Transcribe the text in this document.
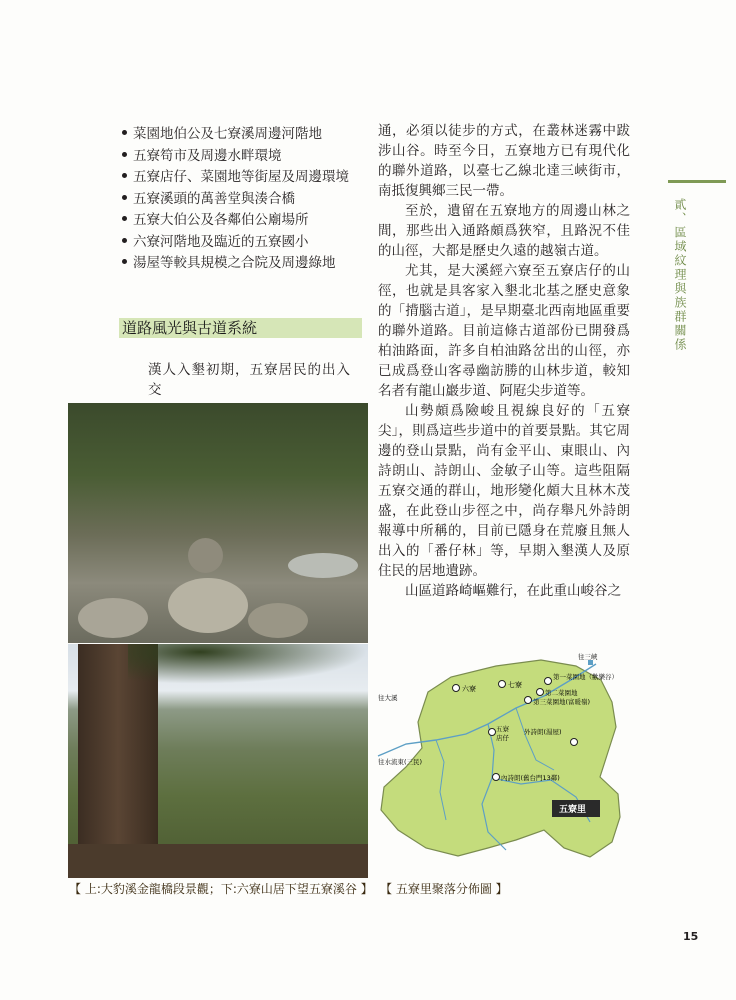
菜園地伯公及七寮溪周邊河階地
五寮笱市及周邊水畔環境
五寮店仔、菜園地等街屋及周邊環境
五寮溪頭的萬善堂與湊合橋
五寮大伯公及各鄰伯公廟場所
六寮河階地及臨近的五寮國小
湯屋等較具規模之合院及周邊綠地
道路風光與古道系統
漢人入墾初期，五寮居民的出入交

通，必須以徒步的方式，在叢林迷霧中跋涉山谷。時至今日，五寮地方已有現代化的聯外道路，以臺七乙線北達三峽街市，南抵復興鄉三民一帶。

至於，遺留在五寮地方的周邊山林之間，那些出入通路頗爲狹窄，且路況不佳的山徑，大都是歷史久遠的越嶺古道。

尤其，是大溪經六寮至五寮店仔的山徑，也就是具客家入墾北北基之歷史意象的「揹腦古道」，是早期臺北西南地區重要的聯外道路。目前這條古道部份已開發爲柏油路面，許多自柏油路岔出的山徑，亦已成爲登山客尋幽訪勝的山林步道，較知名者有龍山巖步道、阿屘尖步道等。

山勢頗爲險峻且視線良好的「五寮尖」，則爲這些步道中的首要景點。其它周邊的登山景點，尚有金平山、東眼山、內詩朗山、詩朗山、金敏子山等。這些阻隔五寮交通的群山，地形變化頗大且林木茂盛，在此登山步徑之中，尚存舉凡外詩朗報導中所稱的，目前已隱身在荒廢且無人出入的「番仔林」等，早期入墾漢人及原住民的居地遺跡。

山區道路崎嶇難行，在此重山峻谷之

貳、區域紋理與族群關係
【 上:大豹溪金龍橋段景觀；下:六寮山居下望五寮溪谷 】
往三峽
往大溪
往水流東(三民)
六寮	七寮
第一菜園地（歡樂谷）
第二菜園地
第三菜園地(富暖嶺)
五寮
店仔
外詩朗(湯屋)
內詩朗(舊台門13鄰)
五寮里
【 五寮里聚落分佈圖 】
15
